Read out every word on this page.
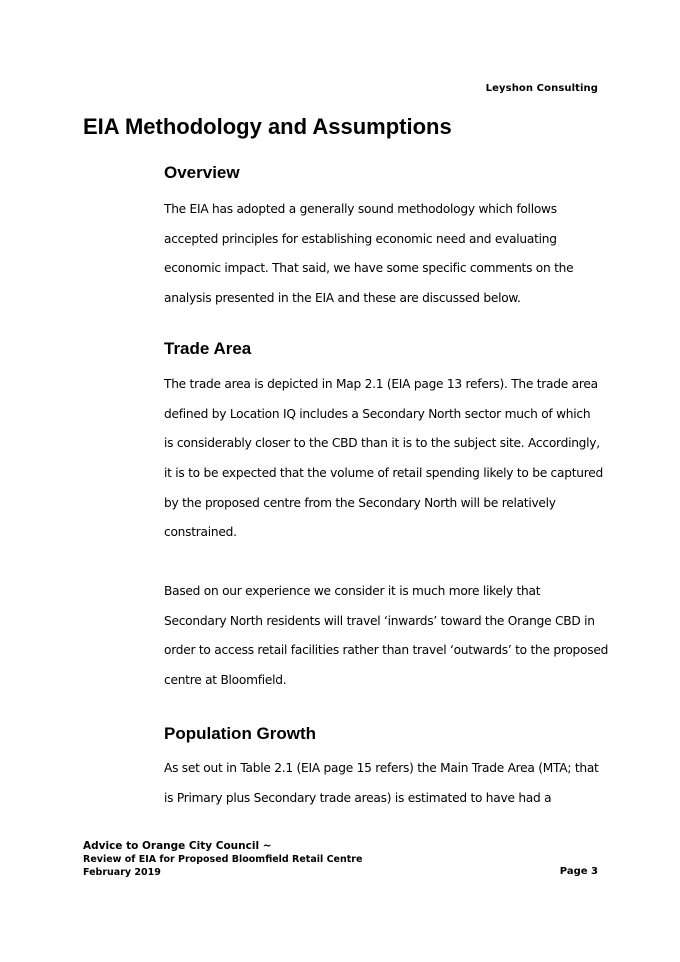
Leyshon Consulting
EIA Methodology and Assumptions
Overview

The EIA has adopted a generally sound methodology which follows
accepted principles for establishing economic need and evaluating
economic impact. That said, we have some specific comments on the
analysis presented in the EIA and these are discussed below.

Trade Area

The trade area is depicted in Map 2.1 (EIA page 13 refers). The trade area
defined by Location IQ includes a Secondary North sector much of which
is considerably closer to the CBD than it is to the subject site. Accordingly,
it is to be expected that the volume of retail spending likely to be captured
by the proposed centre from the Secondary North will be relatively
constrained.

Based on our experience we consider it is much more likely that
Secondary North residents will travel ‘inwards’ toward the Orange CBD in
order to access retail facilities rather than travel ‘outwards’ to the proposed
centre at Bloomfield.

Population Growth

As set out in Table 2.1 (EIA page 15 refers) the Main Trade Area (MTA; that
is Primary plus Secondary trade areas) is estimated to have had a

Advice to Orange City Council ~
Review of EIA for Proposed Bloomfield Retail Centre
February 2019	Page 3
